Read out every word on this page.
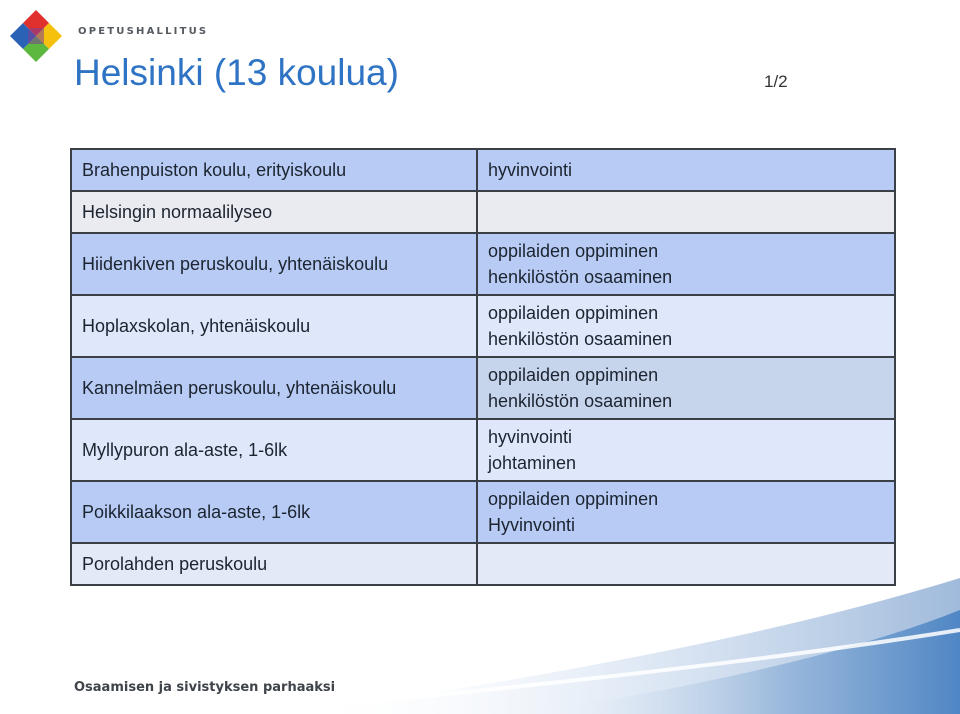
OPETUSHALLITUS
Helsinki (13 koulua)	1/2
Brahenpuiston koulu, erityiskoulu	hyvinvointi
Helsingin normaalilyseo	
Hiidenkiven peruskoulu, yhtenäiskoulu	oppilaiden oppiminen
henkilöstön osaaminen

Hoplaxskolan, yhtenäiskoulu	oppilaiden oppiminen
henkilöstön osaaminen

Kannelmäen peruskoulu, yhtenäiskoulu	oppilaiden oppiminen
henkilöstön osaaminen

Myllypuron ala-aste, 1-6lk	hyvinvointi
johtaminen

Poikkilaakson ala-aste, 1-6lk	oppilaiden oppiminen
Hyvinvointi

Porolahden peruskoulu	
Osaamisen ja sivistyksen parhaaksi
